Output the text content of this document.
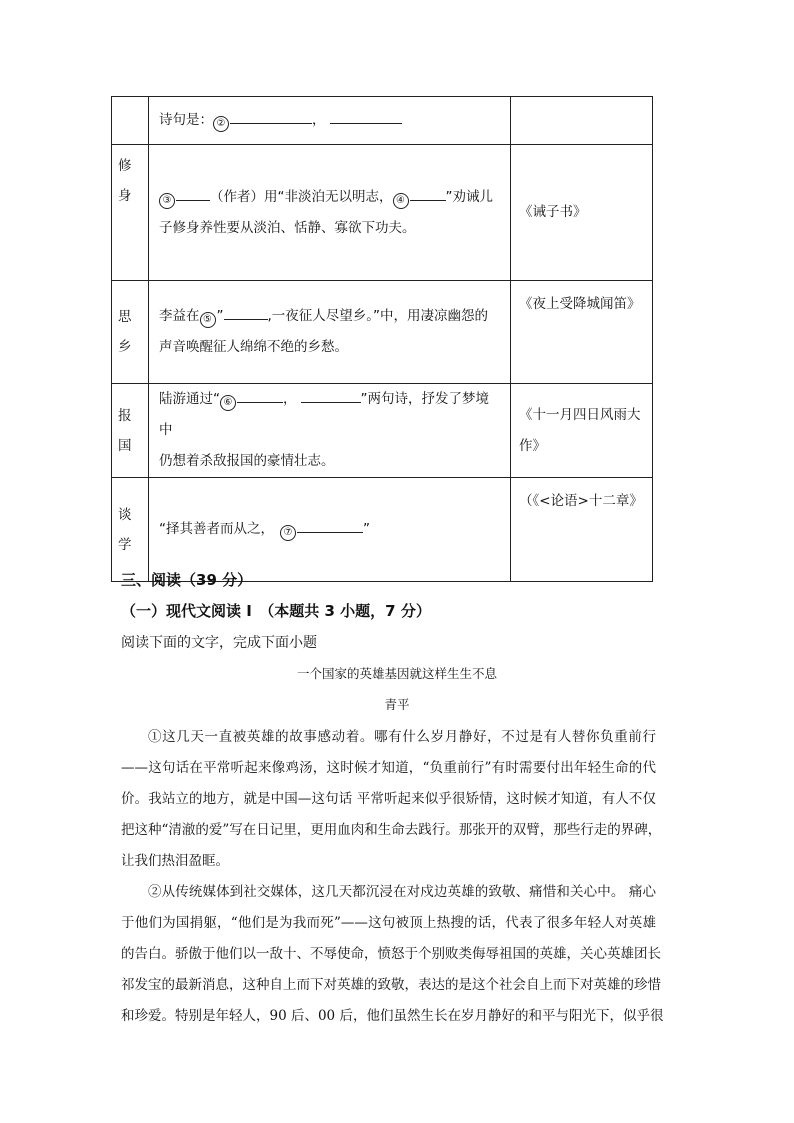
	诗句是： ② ，	

修
身	③ （作者）用“非淡泊无以明志， ④ ”劝诫儿
子修身养性要从淡泊、恬静、寡欲下功夫。	《诫子书》

思
乡	李益在 ⑤ ” ,一夜征人尽望乡。”中，用凄凉幽怨的
声音唤醒征人绵绵不绝的乡愁。	《夜上受降城闻笛》

报
国	陆游通过“ ⑥ ， ”两句诗，抒发了梦境中
仍想着杀敌报国的豪情壮志。	《十一月四日风雨大
作》

谈
学	“择其善者而从之， ⑦ ”	（《<论语>十二章》
三、阅读（39 分）
（一）现代文阅读 I　（本题共 3 小题，7 分）
阅读下面的文字，完成下面小题
一个国家的英雄基因就这样生生不息
青平
①这几天一直被英雄的故事感动着。哪有什么岁月静好，不过是有人替你负重前行
——这句话在平常听起来像鸡汤，这时候才知道，“负重前行”有时需要付出年轻生命的代
价。我站立的地方，就是中国—这句话 平常听起来似乎很矫情，这时候才知道，有人不仅
把这种“清澈的爱”写在日记里，更用血肉和生命去践行。那张开的双臂，那些行走的界碑，
让我们热泪盈眶。
②从传统媒体到社交媒体，这几天都沉浸在对戍边英雄的致敬、痛惜和关心中。 痛心
于他们为国捐躯，“他们是为我而死”——这句被顶上热搜的话，代表了很多年轻人对英雄
的告白。骄傲于他们以一敌十、不辱使命，愤怒于个别败类侮辱祖国的英雄，关心英雄团长
祁发宝的最新消息，这种自上而下对英雄的致敬，表达的是这个社会自上而下对英雄的珍惜
和珍爱。特别是年轻人，90 后、00 后，他们虽然生长在岁月静好的和平与阳光下，似乎很
